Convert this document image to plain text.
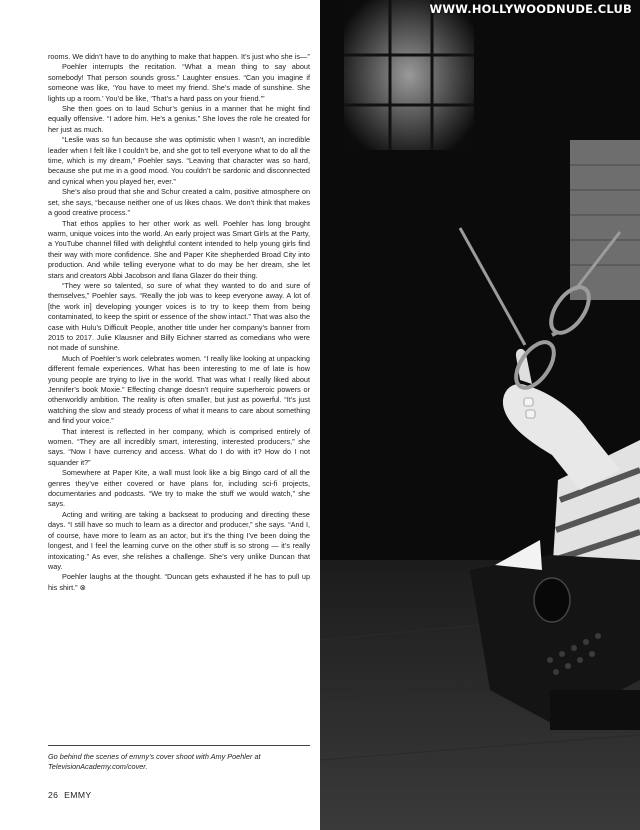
rooms. We didn’t have to do anything to make that happen. It’s just who she is—”

Poehler interrupts the recitation. “What a mean thing to say about somebody! That person sounds gross.” Laughter ensues. “Can you imagine if someone was like, ‘You have to meet my friend. She’s made of sunshine. She lights up a room.’ You’d be like, ‘That’s a hard pass on your friend.’”

She then goes on to laud Schur’s genius in a manner that he might find equally offensive. “I adore him. He’s a genius.” She loves the role he created for her just as much.

“Leslie was so fun because she was optimistic when I wasn’t, an incredible leader when I felt like I couldn’t be, and she got to tell everyone what to do all the time, which is my dream,” Poehler says. “Leaving that character was so hard, because she put me in a good mood. You couldn’t be sardonic and disconnected and cynical when you played her, ever.”

She’s also proud that she and Schur created a calm, positive atmosphere on set, she says, “because neither one of us likes chaos. We don’t think that makes a good creative process.”

That ethos applies to her other work as well. Poehler has long brought warm, unique voices into the world. An early project was Smart Girls at the Party, a YouTube channel filled with delightful content intended to help young girls find their way with more confidence. She and Paper Kite shepherded Broad City into production. And while telling everyone what to do may be her dream, she let stars and creators Abbi Jacobson and Ilana Glazer do their thing.

“They were so talented, so sure of what they wanted to do and sure of themselves,” Poehler says. “Really the job was to keep everyone away. A lot of [the work in] developing younger voices is to try to keep them from being contaminated, to keep the spirit or essence of the show intact.” That was also the case with Hulu’s Difficult People, another title under her company’s banner from 2015 to 2017. Julie Klausner and Billy Eichner starred as comedians who were not made of sunshine.

Much of Poehler’s work celebrates women. “I really like looking at unpacking different female experiences. What has been interesting to me of late is how young people are trying to live in the world. That was what I really liked about Jennifer’s book Moxie.” Effecting change doesn’t require superheroic powers or otherworldly ambition. The reality is often smaller, but just as powerful. “It’s just watching the slow and steady process of what it means to care about something and find your voice.”

That interest is reflected in her company, which is comprised entirely of women. “They are all incredibly smart, interesting, interested producers,” she says. “Now I have currency and access. What do I do with it? How do I not squander it?”

Somewhere at Paper Kite, a wall must look like a big Bingo card of all the genres they’ve either covered or have plans for, including sci-fi projects, documentaries and podcasts. “We try to make the stuff we would watch,” she says.

Acting and writing are taking a backseat to producing and directing these days. “I still have so much to learn as a director and producer,” she says. “And I, of course, have more to learn as an actor, but it’s the thing I’ve been doing the longest, and I feel the learning curve on the other stuff is so strong — it’s really intoxicating.” As ever, she relishes a challenge. She’s very unlike Duncan that way.

Poehler laughs at the thought. “Duncan gets exhausted if he has to pull up his shirt.” ⊗

Go behind the scenes of emmy’s cover shoot with Amy Poehler at TelevisionAcademy.com/cover.
26 EMMY
WWW.HOLLYWOODNUDE.CLUB
